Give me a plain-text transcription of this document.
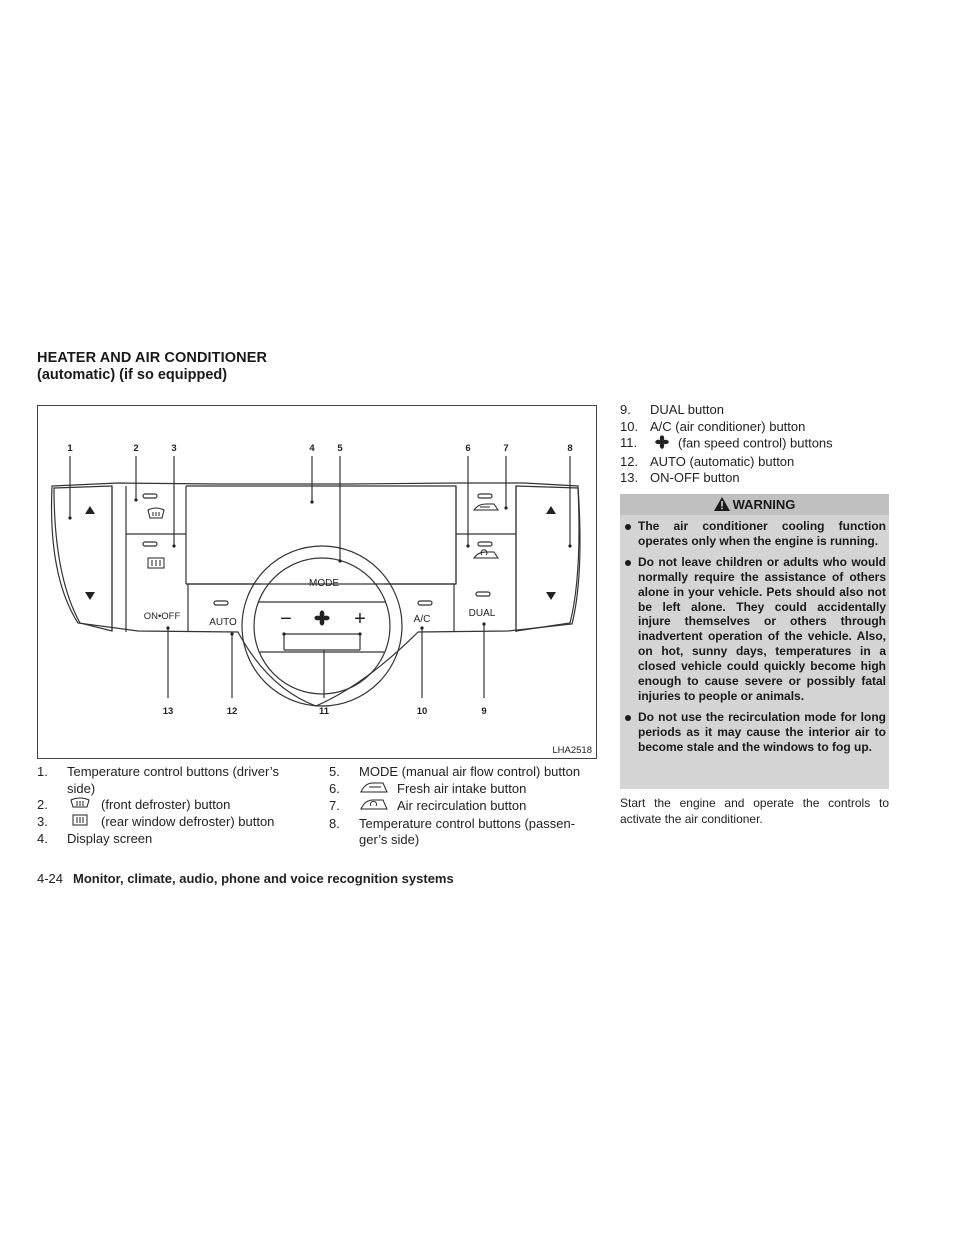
HEATER AND AIR CONDITIONER
(automatic) (if so equipped)
1	2	3	4 5	6	7	8
9
10
11
12
13
MODE
ON•OFF
AUTO	A/C
DUAL
−	+
LHA2518
1. Temperature control buttons (driver’s
side)
2.	(front defroster) button
3.	(rear window defroster) button
4. Display screen
5. MODE (manual air flow control) button
6.	Fresh air intake button
7.	Air recirculation button
8. Temperature control buttons (passen-
ger’s side)
9. DUAL button
10. A/C (air conditioner) button
11.	(fan speed control) buttons
12. AUTO (automatic) button
13. ON-OFF button
WARNING
The air conditioner cooling function operates only when the engine is running.
Do not leave children or adults who would normally require the assistance of others alone in your vehicle. Pets should also not be left alone. They could accidentally injure themselves or others through inadvertent operation of the vehicle. Also, on hot, sunny days, temperatures in a closed vehicle could quickly become high enough to cause severe or possibly fatal injuries to people or animals.
Do not use the recirculation mode for long periods as it may cause the interior air to become stale and the windows to fog up.
Start the engine and operate the controls to activate the air conditioner.
4-24 Monitor, climate, audio, phone and voice recognition systems
